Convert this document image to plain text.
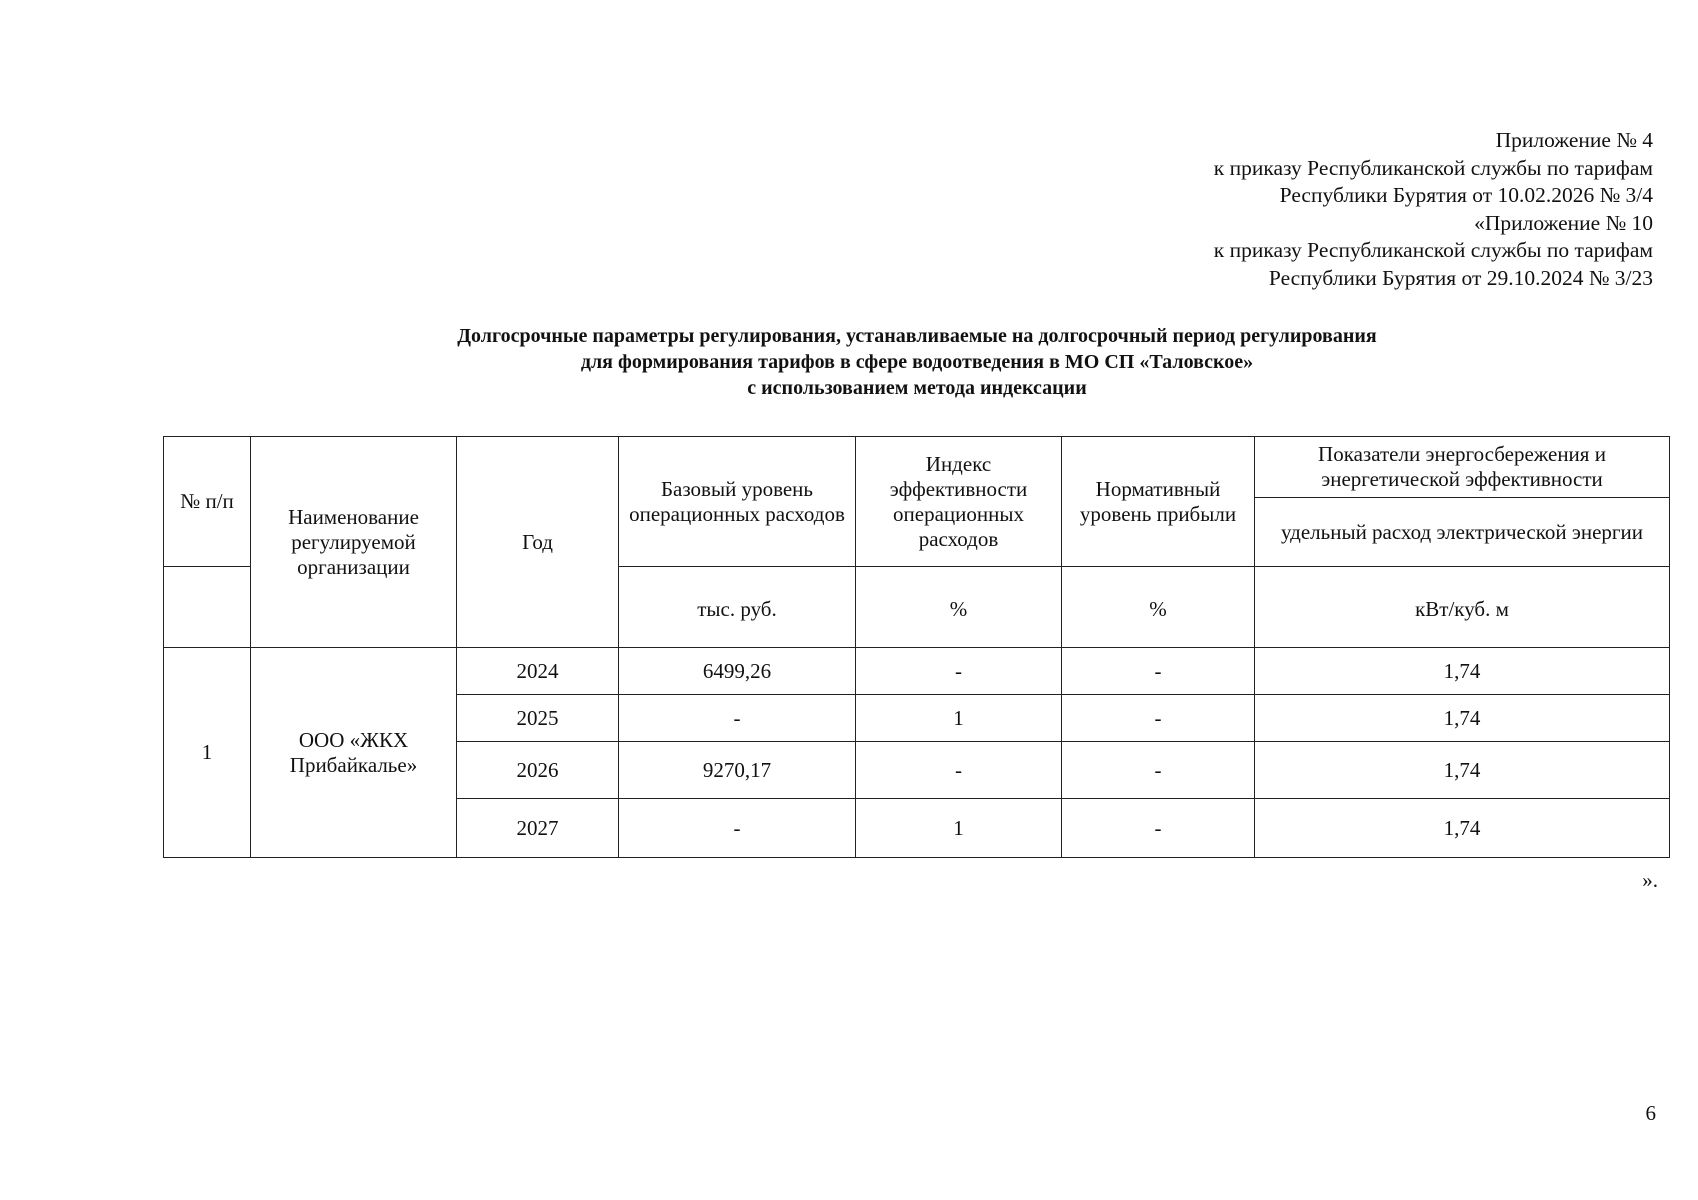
Приложение № 4
к приказу Республиканской службы по тарифам
Республики Бурятия от 10.02.2026 № 3/4
«Приложение № 10
к приказу Республиканской службы по тарифам
Республики Бурятия от 29.10.2024 № 3/23
Долгосрочные параметры регулирования, устанавливаемые на долгосрочный период регулирования
для формирования тарифов в сфере водоотведения в МО СП «Таловское»
с использованием метода индексации
№ п/п	Наименование регулируемой организации	Год	Базовый уровень операционных расходов	Индекс эффективности операционных расходов	Нормативный уровень прибыли	Показатели энергосбережения и энергетической эффективности
						удельный расход электрической энергии
			тыс. руб.	%	%	кВт/куб. м
1	ООО «ЖКХ Прибайкалье»	2024	6499,26	-	-	1,74
		2025	-	1	-	1,74
		2026	9270,17	-	-	1,74
		2027	-	1	-	1,74
».
6
